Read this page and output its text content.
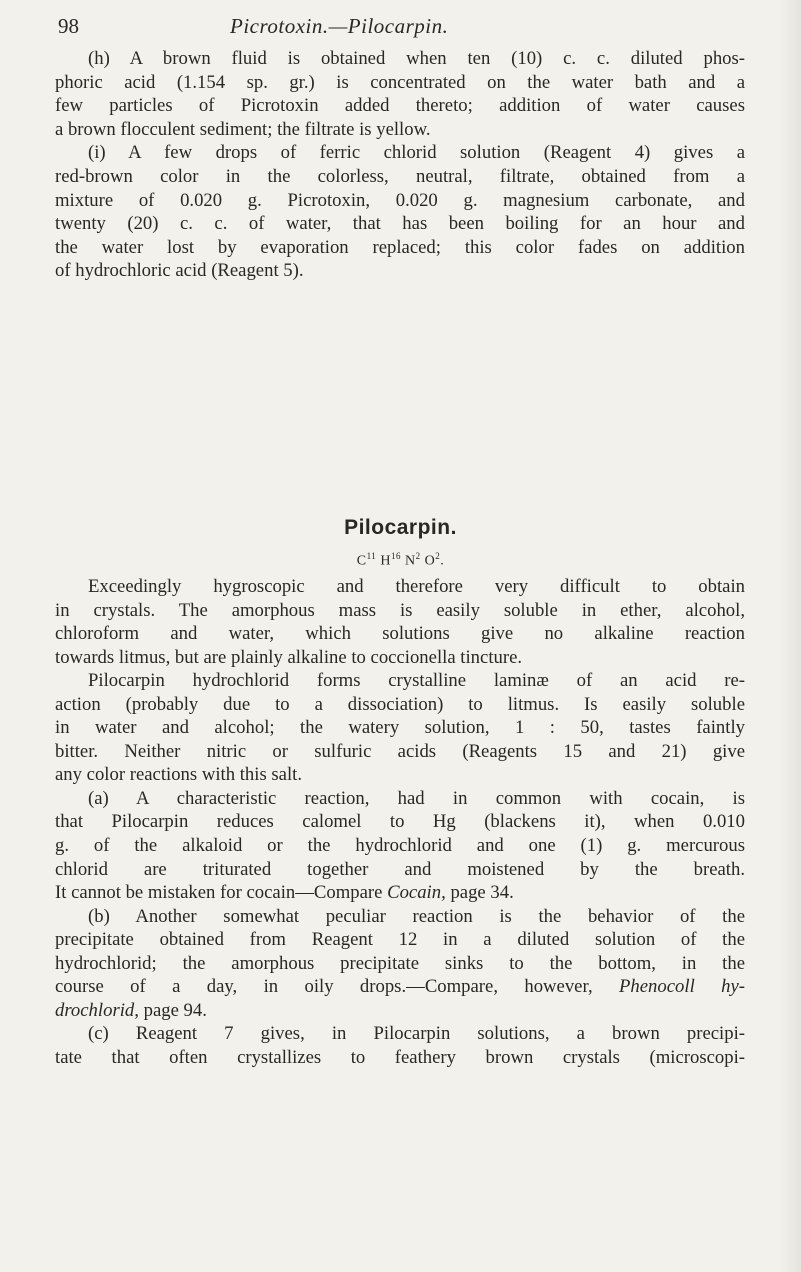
98	Picrotoxin.—Pilocarpin.
(h) A brown fluid is obtained when ten (10) c. c. diluted phos-
phoric acid (1.154 sp. gr.) is concentrated on the water bath and a
few particles of Picrotoxin added thereto; addition of water causes
a brown flocculent sediment; the filtrate is yellow.
(i) A few drops of ferric chlorid solution (Reagent 4) gives a
red-brown color in the colorless, neutral, filtrate, obtained from a
mixture of 0.020 g. Picrotoxin, 0.020 g. magnesium carbonate, and
twenty (20) c. c. of water, that has been boiling for an hour and
the water lost by evaporation replaced; this color fades on addition
of hydrochloric acid (Reagent 5).
Pilocarpin.
$C^{11}$ $H^{16}$ $N^2$ $O^2$.
Exceedingly hygroscopic and therefore very difficult to obtain
in crystals. The amorphous mass is easily soluble in ether, alcohol,
chloroform and water, which solutions give no alkaline reaction
towards litmus, but are plainly alkaline to coccionella tincture.
Pilocarpin hydrochlorid forms crystalline laminæ of an acid re-
action (probably due to a dissociation) to litmus. Is easily soluble
in water and alcohol; the watery solution, 1 : 50, tastes faintly
bitter. Neither nitric or sulfuric acids (Reagents 15 and 21) give
any color reactions with this salt.
(a) A characteristic reaction, had in common with cocain, is
that Pilocarpin reduces calomel to Hg (blackens it), when 0.010
g. of the alkaloid or the hydrochlorid and one (1) g. mercurous
chlorid are triturated together and moistened by the breath.
It cannot be mistaken for cocain—Compare Cocain, page 34.
(b) Another somewhat peculiar reaction is the behavior of the
precipitate obtained from Reagent 12 in a diluted solution of the
hydrochlorid; the amorphous precipitate sinks to the bottom, in the
course of a day, in oily drops.—Compare, however, Phenocoll hy-
drochlorid, page 94.
(c) Reagent 7 gives, in Pilocarpin solutions, a brown precipi-
tate that often crystallizes to feathery brown crystals (microscopi-
